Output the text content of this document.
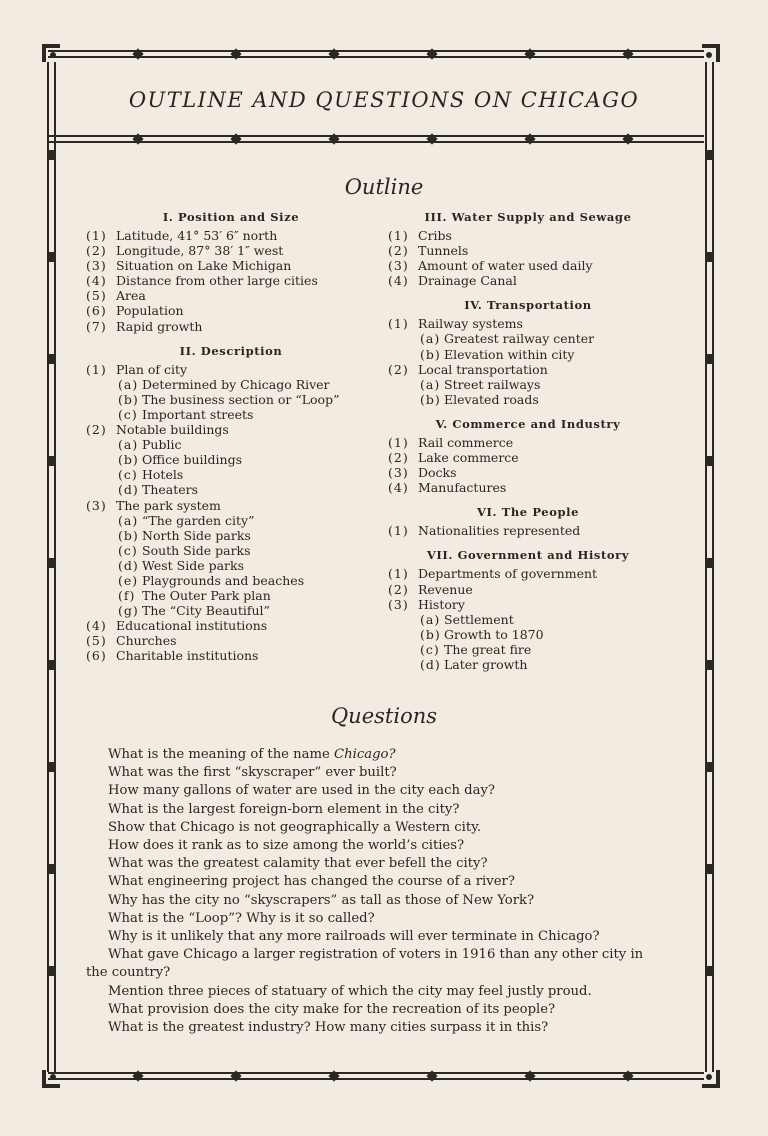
OUTLINE AND QUESTIONS ON CHICAGO
Outline
I. Position and Size
(1) Latitude, 41° 53′ 6″ north
(2) Longitude, 87° 38′ 1″ west
(3) Situation on Lake Michigan
(4) Distance from other large cities
(5) Area
(6) Population
(7) Rapid growth
II. Description
(1) Plan of city
(a) Determined by Chicago River
(b) The business section or “Loop”
(c) Important streets
(2) Notable buildings
(a) Public
(b) Office buildings
(c) Hotels
(d) Theaters
(3) The park system
(a) “The garden city”
(b) North Side parks
(c) South Side parks
(d) West Side parks
(e) Playgrounds and beaches
(f) The Outer Park plan
(g) The “City Beautiful”
(4) Educational institutions
(5) Churches
(6) Charitable institutions
III. Water Supply and Sewage
(1) Cribs
(2) Tunnels
(3) Amount of water used daily
(4) Drainage Canal
IV. Transportation
(1) Railway systems
(a) Greatest railway center
(b) Elevation within city
(2) Local transportation
(a) Street railways
(b) Elevated roads
V. Commerce and Industry
(1) Rail commerce
(2) Lake commerce
(3) Docks
(4) Manufactures
VI. The People
(1) Nationalities represented
VII. Government and History
(1) Departments of government
(2) Revenue
(3) History
(a) Settlement
(b) Growth to 1870
(c) The great fire
(d) Later growth
Questions
What is the meaning of the name Chicago?
What was the first “skyscraper” ever built?
How many gallons of water are used in the city each day?
What is the largest foreign-born element in the city?
Show that Chicago is not geographically a Western city.
How does it rank as to size among the world’s cities?
What was the greatest calamity that ever befell the city?
What engineering project has changed the course of a river?
Why has the city no “skyscrapers” as tall as those of New York?
What is the “Loop”? Why is it so called?
Why is it unlikely that any more railroads will ever terminate in Chicago?
What gave Chicago a larger registration of voters in 1916 than any other city in
the country?
Mention three pieces of statuary of which the city may feel justly proud.
What provision does the city make for the recreation of its people?
What is the greatest industry? How many cities surpass it in this?
